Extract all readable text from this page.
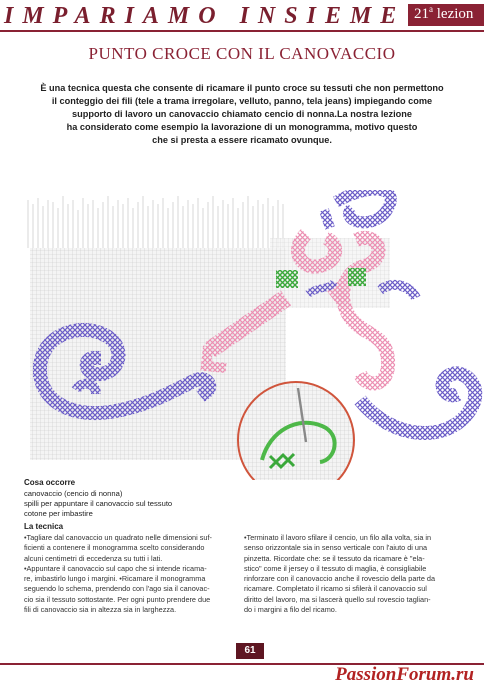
IMPARIAMO INSIEME 21$^a$ lezion
PUNTO CROCE CON IL CANOVACCIO
È una tecnica questa che consente di ricamare il punto croce su tessuti che non permettono
il conteggio dei fili (tele a trama irregolare, velluto, panno, tela jeans) impiegando come
supporto di lavoro un canovaccio chiamato cencio di nonna.La nostra lezione
ha considerato come esempio la lavorazione di un monogramma, motivo questo
che si presta a essere ricamato ovunque.
Cosa occorre
canovaccio (cencio di nonna)
spilli per appuntare il canovaccio sul tessuto
cotone per imbastire
La tecnica
•Tagliare dal canovaccio un quadrato nelle dimensioni suf-
ficienti a contenere il monogramma scelto considerando
alcuni centimetri di eccedenza su tutti i lati.
•Appuntare il canovaccio sul capo che si intende ricama-
re, imbastirlo lungo i margini. •Ricamare il monogramma
seguendo lo schema, prendendo con l'ago sia il canovac-
cio sia il tessuto sottostante. Per ogni punto prendere due
fili di canovaccio sia in altezza sia in larghezza.
•Terminato il lavoro sfilare il cencio, un filo alla volta, sia in
senso orizzontale sia in senso verticale con l'aiuto di una
pinzetta. Ricordate che: se il tessuto da ricamare è "ela-
stico" come il jersey o il tessuto di maglia, è consigliabile
rinforzare con il canovaccio anche il rovescio della parte da
ricamare. Completato il ricamo si sfilerà il canovaccio sul
diritto del lavoro, ma si lascerà quello sul rovescio taglian-
do i margini a filo del ricamo.
61
PassionForum.ru
